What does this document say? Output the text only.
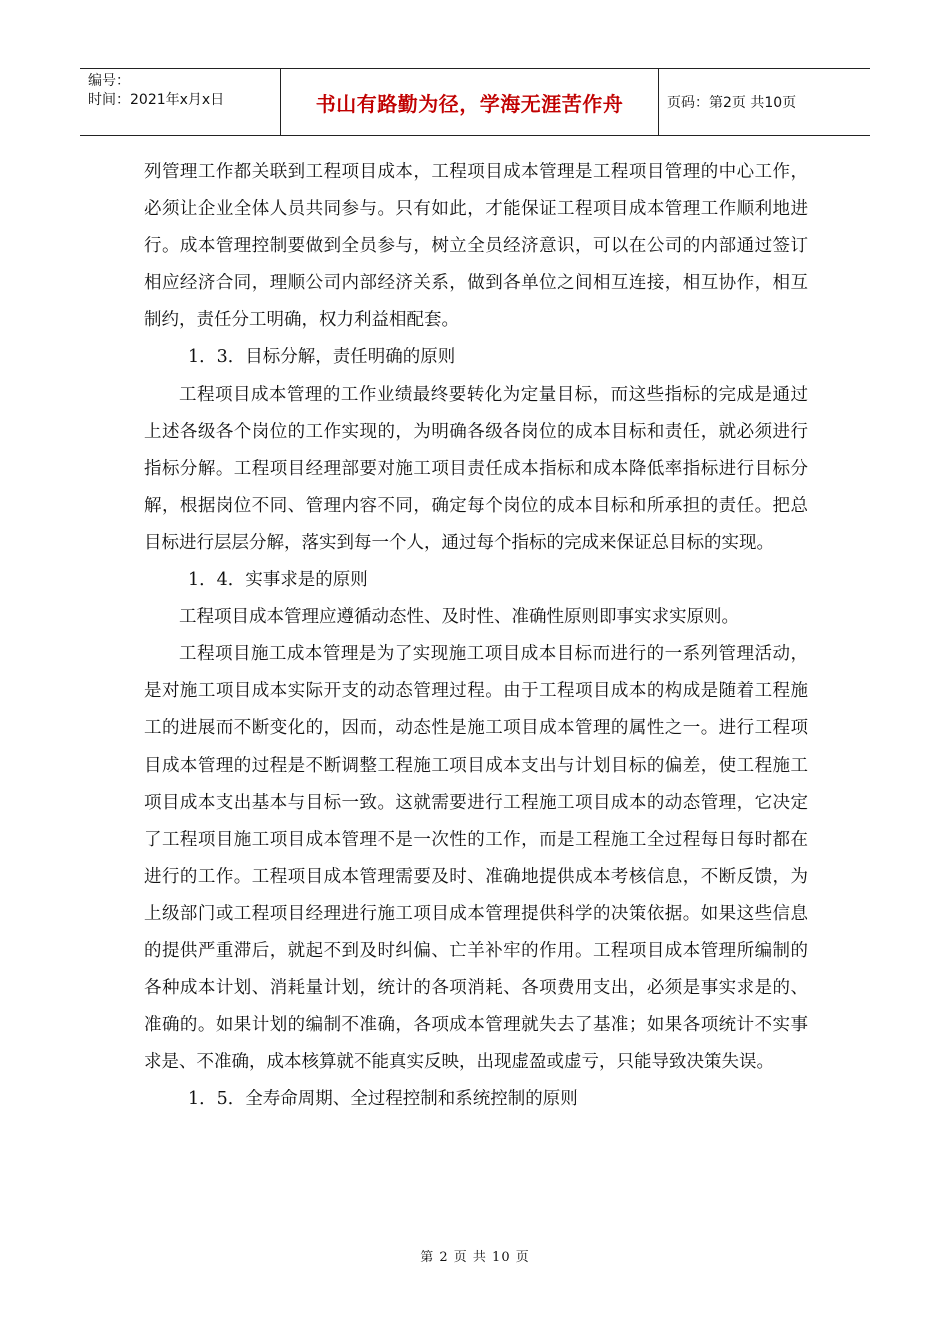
编号：
时间：2021年x月x日	书山有路勤为径，学海无涯苦作舟	页码：第2页 共10页

列管理工作都关联到工程项目成本，工程项目成本管理是工程项目管理的中心工作，必须让企业全体人员共同参与。只有如此，才能保证工程项目成本管理工作顺利地进行。成本管理控制要做到全员参与，树立全员经济意识，可以在公司的内部通过签订相应经济合同，理顺公司内部经济关系，做到各单位之间相互连接，相互协作，相互制约，责任分工明确，权力利益相配套。

1．3．目标分解，责任明确的原则

工程项目成本管理的工作业绩最终要转化为定量目标，而这些指标的完成是通过上述各级各个岗位的工作实现的，为明确各级各岗位的成本目标和责任，就必须进行指标分解。工程项目经理部要对施工项目责任成本指标和成本降低率指标进行目标分解，根据岗位不同、管理内容不同，确定每个岗位的成本目标和所承担的责任。把总目标进行层层分解，落实到每一个人，通过每个指标的完成来保证总目标的实现。

1．4．实事求是的原则

工程项目成本管理应遵循动态性、及时性、准确性原则即事实求实原则。

工程项目施工成本管理是为了实现施工项目成本目标而进行的一系列管理活动，是对施工项目成本实际开支的动态管理过程。由于工程项目成本的构成是随着工程施工的进展而不断变化的，因而，动态性是施工项目成本管理的属性之一。进行工程项目成本管理的过程是不断调整工程施工项目成本支出与计划目标的偏差，使工程施工项目成本支出基本与目标一致。这就需要进行工程施工项目成本的动态管理，它决定了工程项目施工项目成本管理不是一次性的工作，而是工程施工全过程每日每时都在进行的工作。工程项目成本管理需要及时、准确地提供成本考核信息，不断反馈，为上级部门或工程项目经理进行施工项目成本管理提供科学的决策依据。如果这些信息的提供严重滞后，就起不到及时纠偏、亡羊补牢的作用。工程项目成本管理所编制的各种成本计划、消耗量计划，统计的各项消耗、各项费用支出，必须是事实求是的、准确的。如果计划的编制不准确，各项成本管理就失去了基准；如果各项统计不实事求是、不准确，成本核算就不能真实反映，出现虚盈或虚亏，只能导致决策失误。

1．5．全寿命周期、全过程控制和系统控制的原则

第 2 页 共 10 页
